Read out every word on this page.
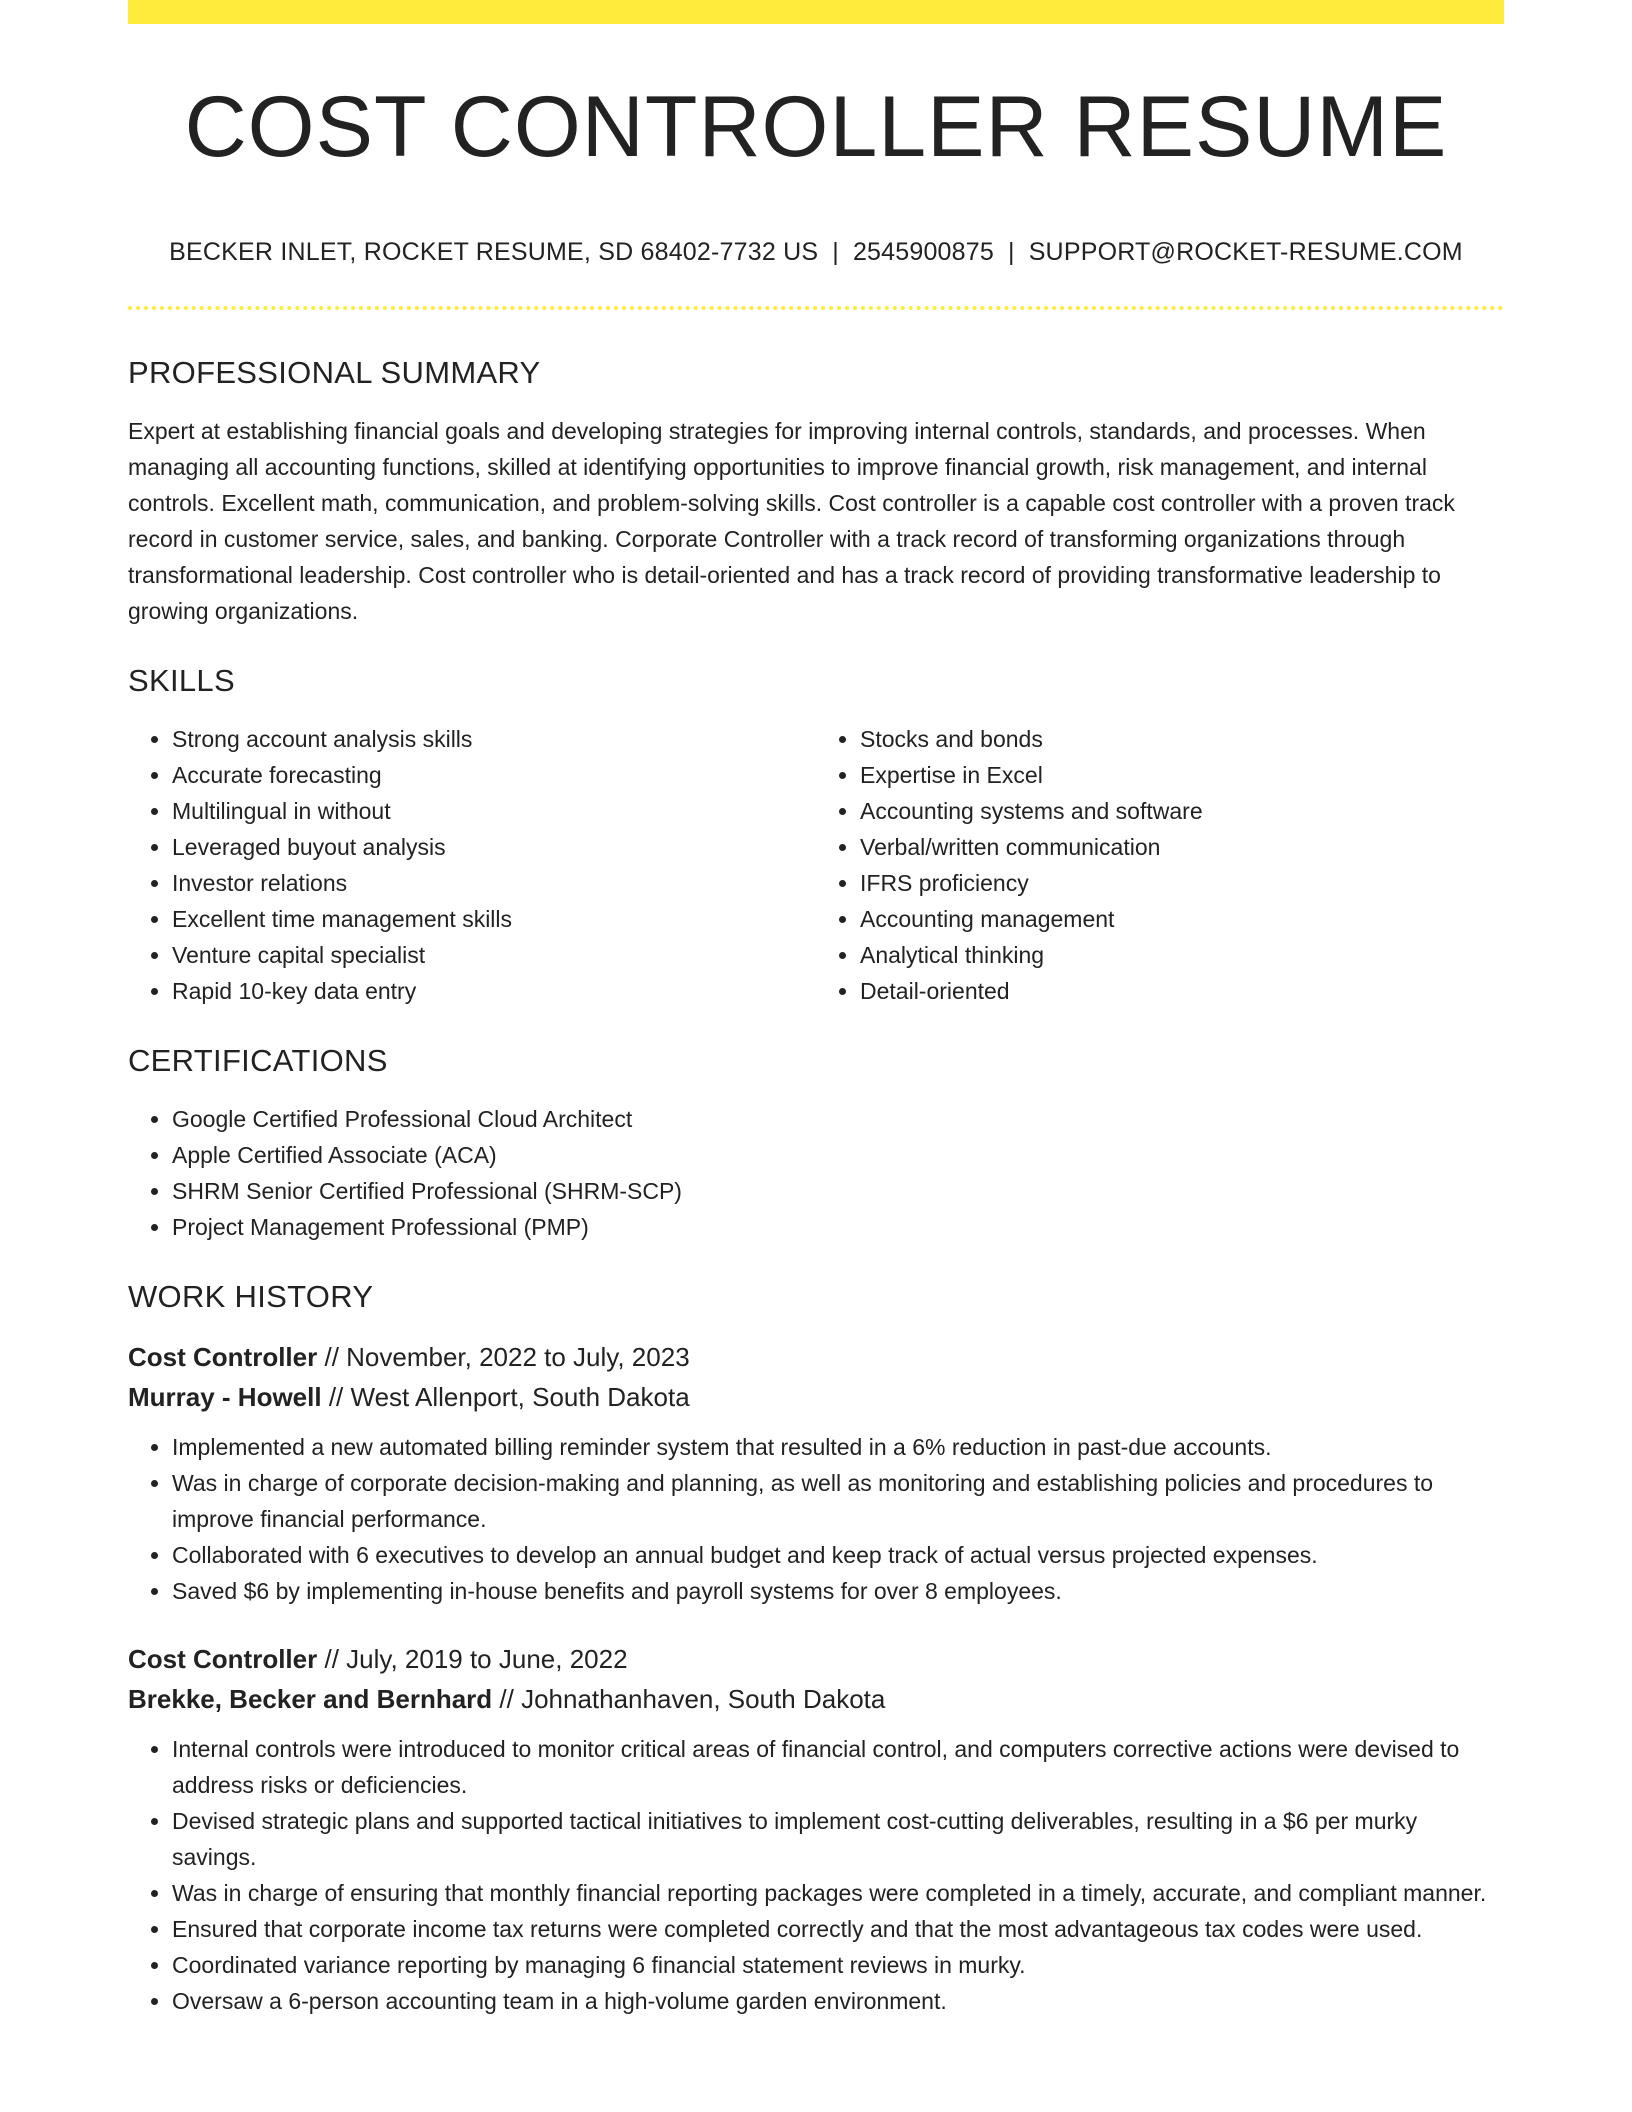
COST CONTROLLER RESUME
BECKER INLET, ROCKET RESUME, SD 68402-7732 US | 2545900875 | SUPPORT@ROCKET-RESUME.COM
PROFESSIONAL SUMMARY

Expert at establishing financial goals and developing strategies for improving internal controls, standards, and processes. When managing all accounting functions, skilled at identifying opportunities to improve financial growth, risk management, and internal controls. Excellent math, communication, and problem-solving skills. Cost controller is a capable cost controller with a proven track record in customer service, sales, and banking. Corporate Controller with a track record of transforming organizations through transformational leadership. Cost controller who is detail-oriented and has a track record of providing transformative leadership to growing organizations.

SKILLS
• Strong account analysis skills
• Accurate forecasting
• Multilingual in without
• Leveraged buyout analysis
• Investor relations
• Excellent time management skills
• Venture capital specialist
• Rapid 10-key data entry
• Stocks and bonds
• Expertise in Excel
• Accounting systems and software
• Verbal/written communication
• IFRS proficiency
• Accounting management
• Analytical thinking
• Detail-oriented
CERTIFICATIONS
• Google Certified Professional Cloud Architect
• Apple Certified Associate (ACA)
• SHRM Senior Certified Professional (SHRM-SCP)
• Project Management Professional (PMP)
WORK HISTORY
Cost Controller // November, 2022 to July, 2023
Murray - Howell // West Allenport, South Dakota
• Implemented a new automated billing reminder system that resulted in a 6% reduction in past-due accounts.
• Was in charge of corporate decision-making and planning, as well as monitoring and establishing policies and procedures to improve financial performance.
• Collaborated with 6 executives to develop an annual budget and keep track of actual versus projected expenses.
• Saved $6 by implementing in-house benefits and payroll systems for over 8 employees.
Cost Controller // July, 2019 to June, 2022
Brekke, Becker and Bernhard // Johnathanhaven, South Dakota
• Internal controls were introduced to monitor critical areas of financial control, and computers corrective actions were devised to address risks or deficiencies.
• Devised strategic plans and supported tactical initiatives to implement cost-cutting deliverables, resulting in a $6 per murky savings.
• Was in charge of ensuring that monthly financial reporting packages were completed in a timely, accurate, and compliant manner.
• Ensured that corporate income tax returns were completed correctly and that the most advantageous tax codes were used.
• Coordinated variance reporting by managing 6 financial statement reviews in murky.
• Oversaw a 6-person accounting team in a high-volume garden environment.
